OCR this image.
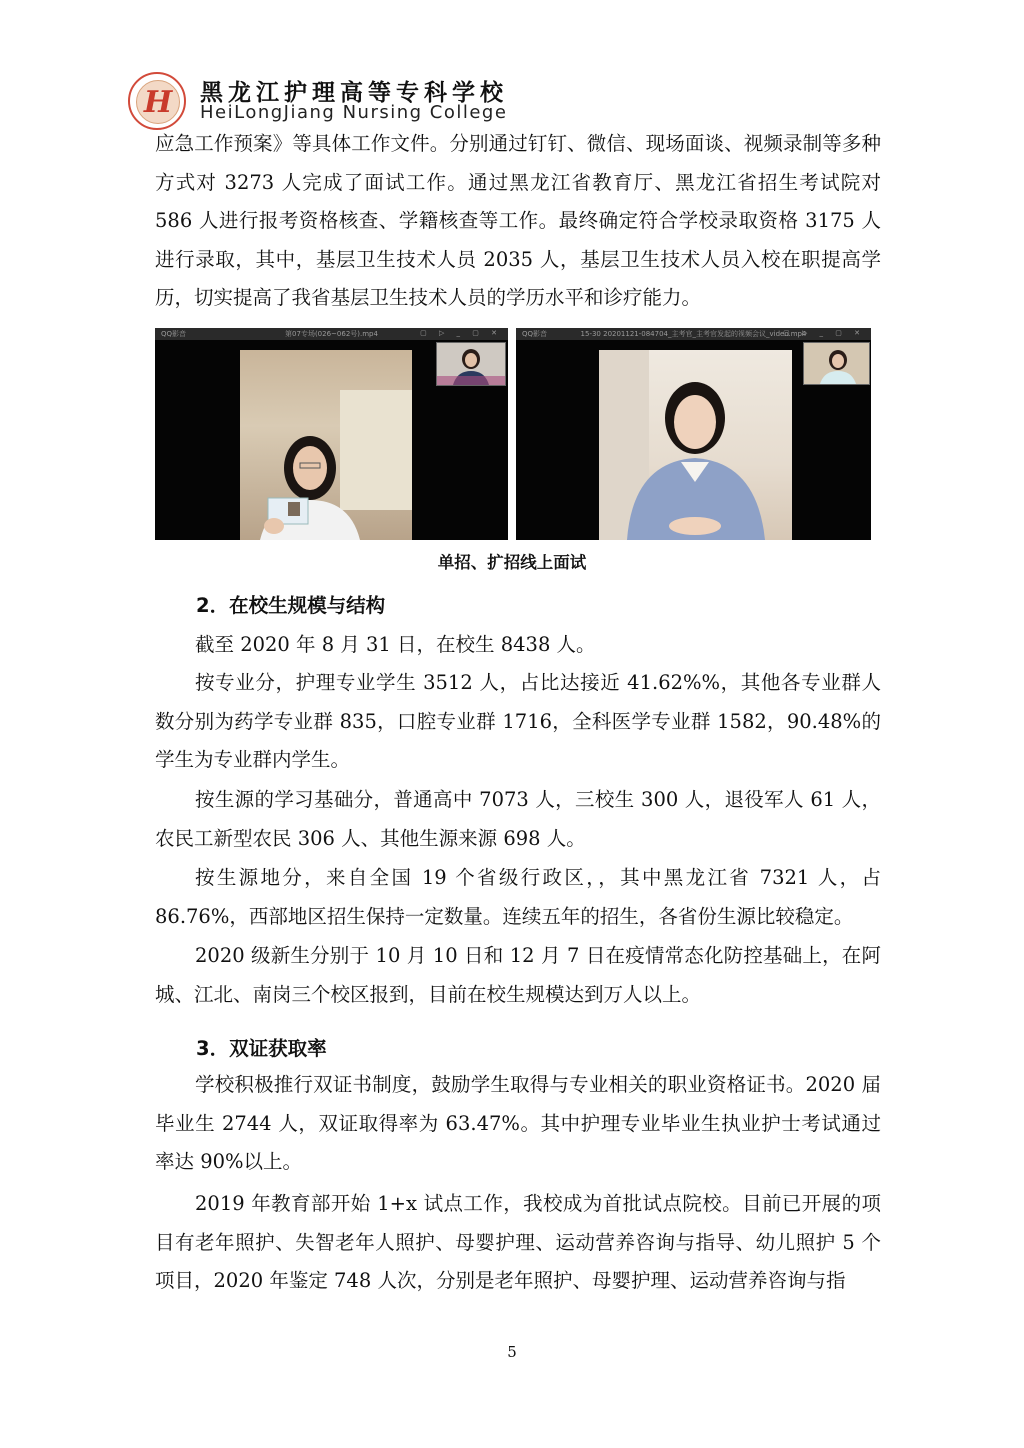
H 黑龙江护理高等专科学校
HeiLongJiang Nursing College

应急工作预案》等具体工作文件。分别通过钉钉、微信、现场面谈、视频录制等多种方式对 3273 人完成了面试工作。通过黑龙江省教育厅、黑龙江省招生考试院对 586 人进行报考资格核查、学籍核查等工作。最终确定符合学校录取资格 3175 人进行录取，其中，基层卫生技术人员 2035 人，基层卫生技术人员入校在职提高学历，切实提高了我省基层卫生技术人员的学历水平和诊疗能力。

QQ影音	第07专场(026~062号).mp4	▢ ▷ _ ▢ ✕	QQ影音	15-30 20201121-084704_主考官_主考官发起的视频会议_video.mp4
▢ ▷ _ ▢ ✕
单招、扩招线上面试
2．在校生规模与结构

截至 2020 年 8 月 31 日，在校生 8438 人。

按专业分，护理专业学生 3512 人，占比达接近 41.62%%，其他各专业群人数分别为药学专业群 835，口腔专业群 1716，全科医学专业群 1582，90.48%的学生为专业群内学生。

按生源的学习基础分，普通高中 7073 人，三校生 300 人，退役军人 61 人，农民工新型农民 306 人、其他生源来源 698 人。

按生源地分，来自全国 19 个省级行政区，，其中黑龙江省 7321 人，占 86.76%，西部地区招生保持一定数量。连续五年的招生，各省份生源比较稳定。

2020 级新生分别于 10 月 10 日和 12 月 7 日在疫情常态化防控基础上，在阿城、江北、南岗三个校区报到，目前在校生规模达到万人以上。

3．双证获取率

学校积极推行双证书制度，鼓励学生取得与专业相关的职业资格证书。2020 届毕业生 2744 人，双证取得率为 63.47%。其中护理专业毕业生执业护士考试通过率达 90%以上。

2019 年教育部开始 1+x 试点工作，我校成为首批试点院校。目前已开展的项目有老年照护、失智老年人照护、母婴护理、运动营养咨询与指导、幼儿照护 5 个项目，2020 年鉴定 748 人次，分别是老年照护、母婴护理、运动营养咨询与指

5
